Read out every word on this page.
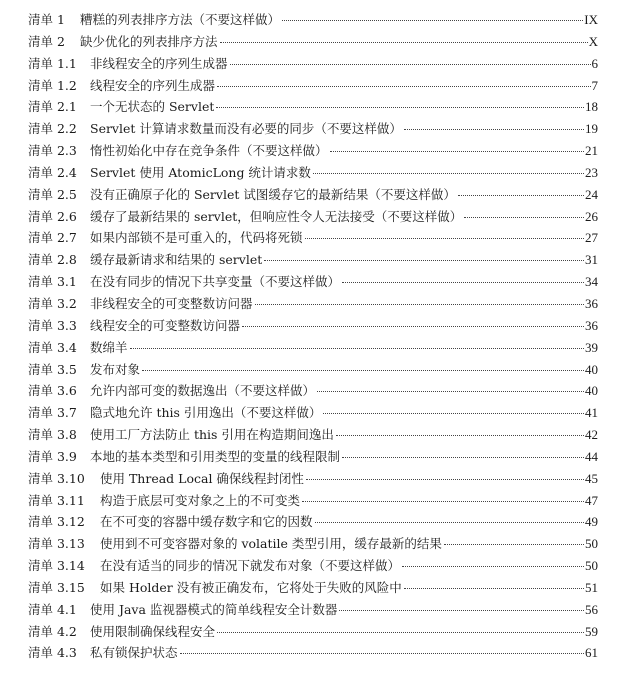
清单 1	糟糕的列表排序方法（不要这样做）	IX
清单 2	缺少优化的列表排序方法	X
清单 1.1	非线程安全的序列生成器	6
清单 1.2	线程安全的序列生成器	7
清单 2.1	一个无状态的 Servlet	18
清单 2.2	Servlet 计算请求数量而没有必要的同步（不要这样做）	19
清单 2.3	惰性初始化中存在竞争条件（不要这样做）	21
清单 2.4	Servlet 使用 AtomicLong 统计请求数	23
清单 2.5	没有正确原子化的 Servlet 试图缓存它的最新结果（不要这样做）	24
清单 2.6	缓存了最新结果的 servlet，但响应性令人无法接受（不要这样做）	26
清单 2.7	如果内部锁不是可重入的，代码将死锁	27
清单 2.8	缓存最新请求和结果的 servlet	31
清单 3.1	在没有同步的情况下共享变量（不要这样做）	34
清单 3.2	非线程安全的可变整数访问器	36
清单 3.3	线程安全的可变整数访问器	36
清单 3.4	数绵羊	39
清单 3.5	发布对象	40
清单 3.6	允许内部可变的数据逸出（不要这样做）	40
清单 3.7	隐式地允许 this 引用逸出（不要这样做）	41
清单 3.8	使用工厂方法防止 this 引用在构造期间逸出	42
清单 3.9	本地的基本类型和引用类型的变量的线程限制	44
清单 3.10	使用 Thread Local 确保线程封闭性	45
清单 3.11	构造于底层可变对象之上的不可变类	47
清单 3.12	在不可变的容器中缓存数字和它的因数	49
清单 3.13	使用到不可变容器对象的 volatile 类型引用，缓存最新的结果	50
清单 3.14	在没有适当的同步的情况下就发布对象（不要这样做）	50
清单 3.15	如果 Holder 没有被正确发布，它将处于失败的风险中	51
清单 4.1	使用 Java 监视器模式的简单线程安全计数器	56
清单 4.2	使用限制确保线程安全	59
清单 4.3	私有锁保护状态	61
